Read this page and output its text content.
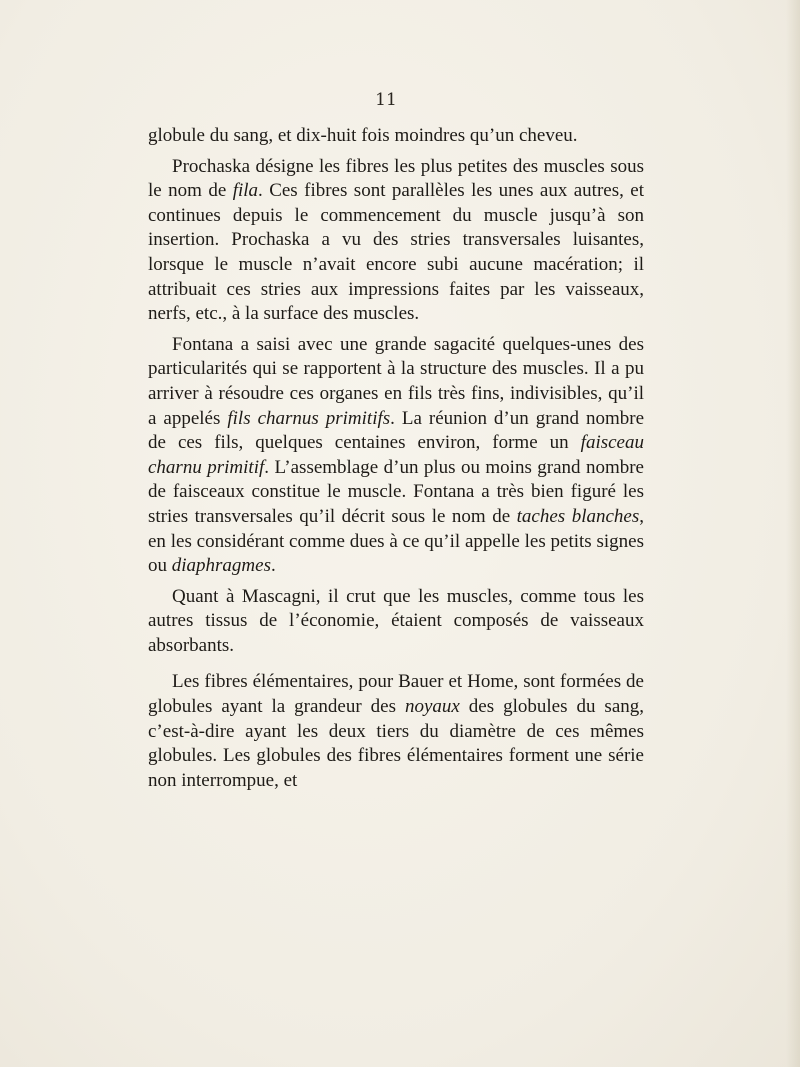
11

globule du sang, et dix-huit fois moindres qu’un cheveu.

Prochaska désigne les fibres les plus petites des muscles sous le nom de fila. Ces fibres sont parallèles les unes aux autres, et continues depuis le commencement du muscle jusqu’à son insertion. Prochaska a vu des stries transversales luisantes, lorsque le muscle n’avait encore subi aucune macération; il attribuait ces stries aux impressions faites par les vaisseaux, nerfs, etc., à la surface des muscles.

Fontana a saisi avec une grande sagacité quelques-unes des particularités qui se rapportent à la structure des muscles. Il a pu arriver à résoudre ces organes en fils très fins, indivisibles, qu’il a appelés fils charnus primitifs. La réunion d’un grand nombre de ces fils, quelques centaines environ, forme un faisceau charnu primitif. L’assemblage d’un plus ou moins grand nombre de faisceaux constitue le muscle. Fontana a très bien figuré les stries transversales qu’il décrit sous le nom de taches blanches, en les considérant comme dues à ce qu’il appelle les petits signes ou diaphragmes.

Quant à Mascagni, il crut que les muscles, comme tous les autres tissus de l’économie, étaient composés de vaisseaux absorbants.

Les fibres élémentaires, pour Bauer et Home, sont formées de globules ayant la grandeur des noyaux des globules du sang, c’est-à-dire ayant les deux tiers du diamètre de ces mêmes globules. Les globules des fibres élémentaires forment une série non interrompue, et
